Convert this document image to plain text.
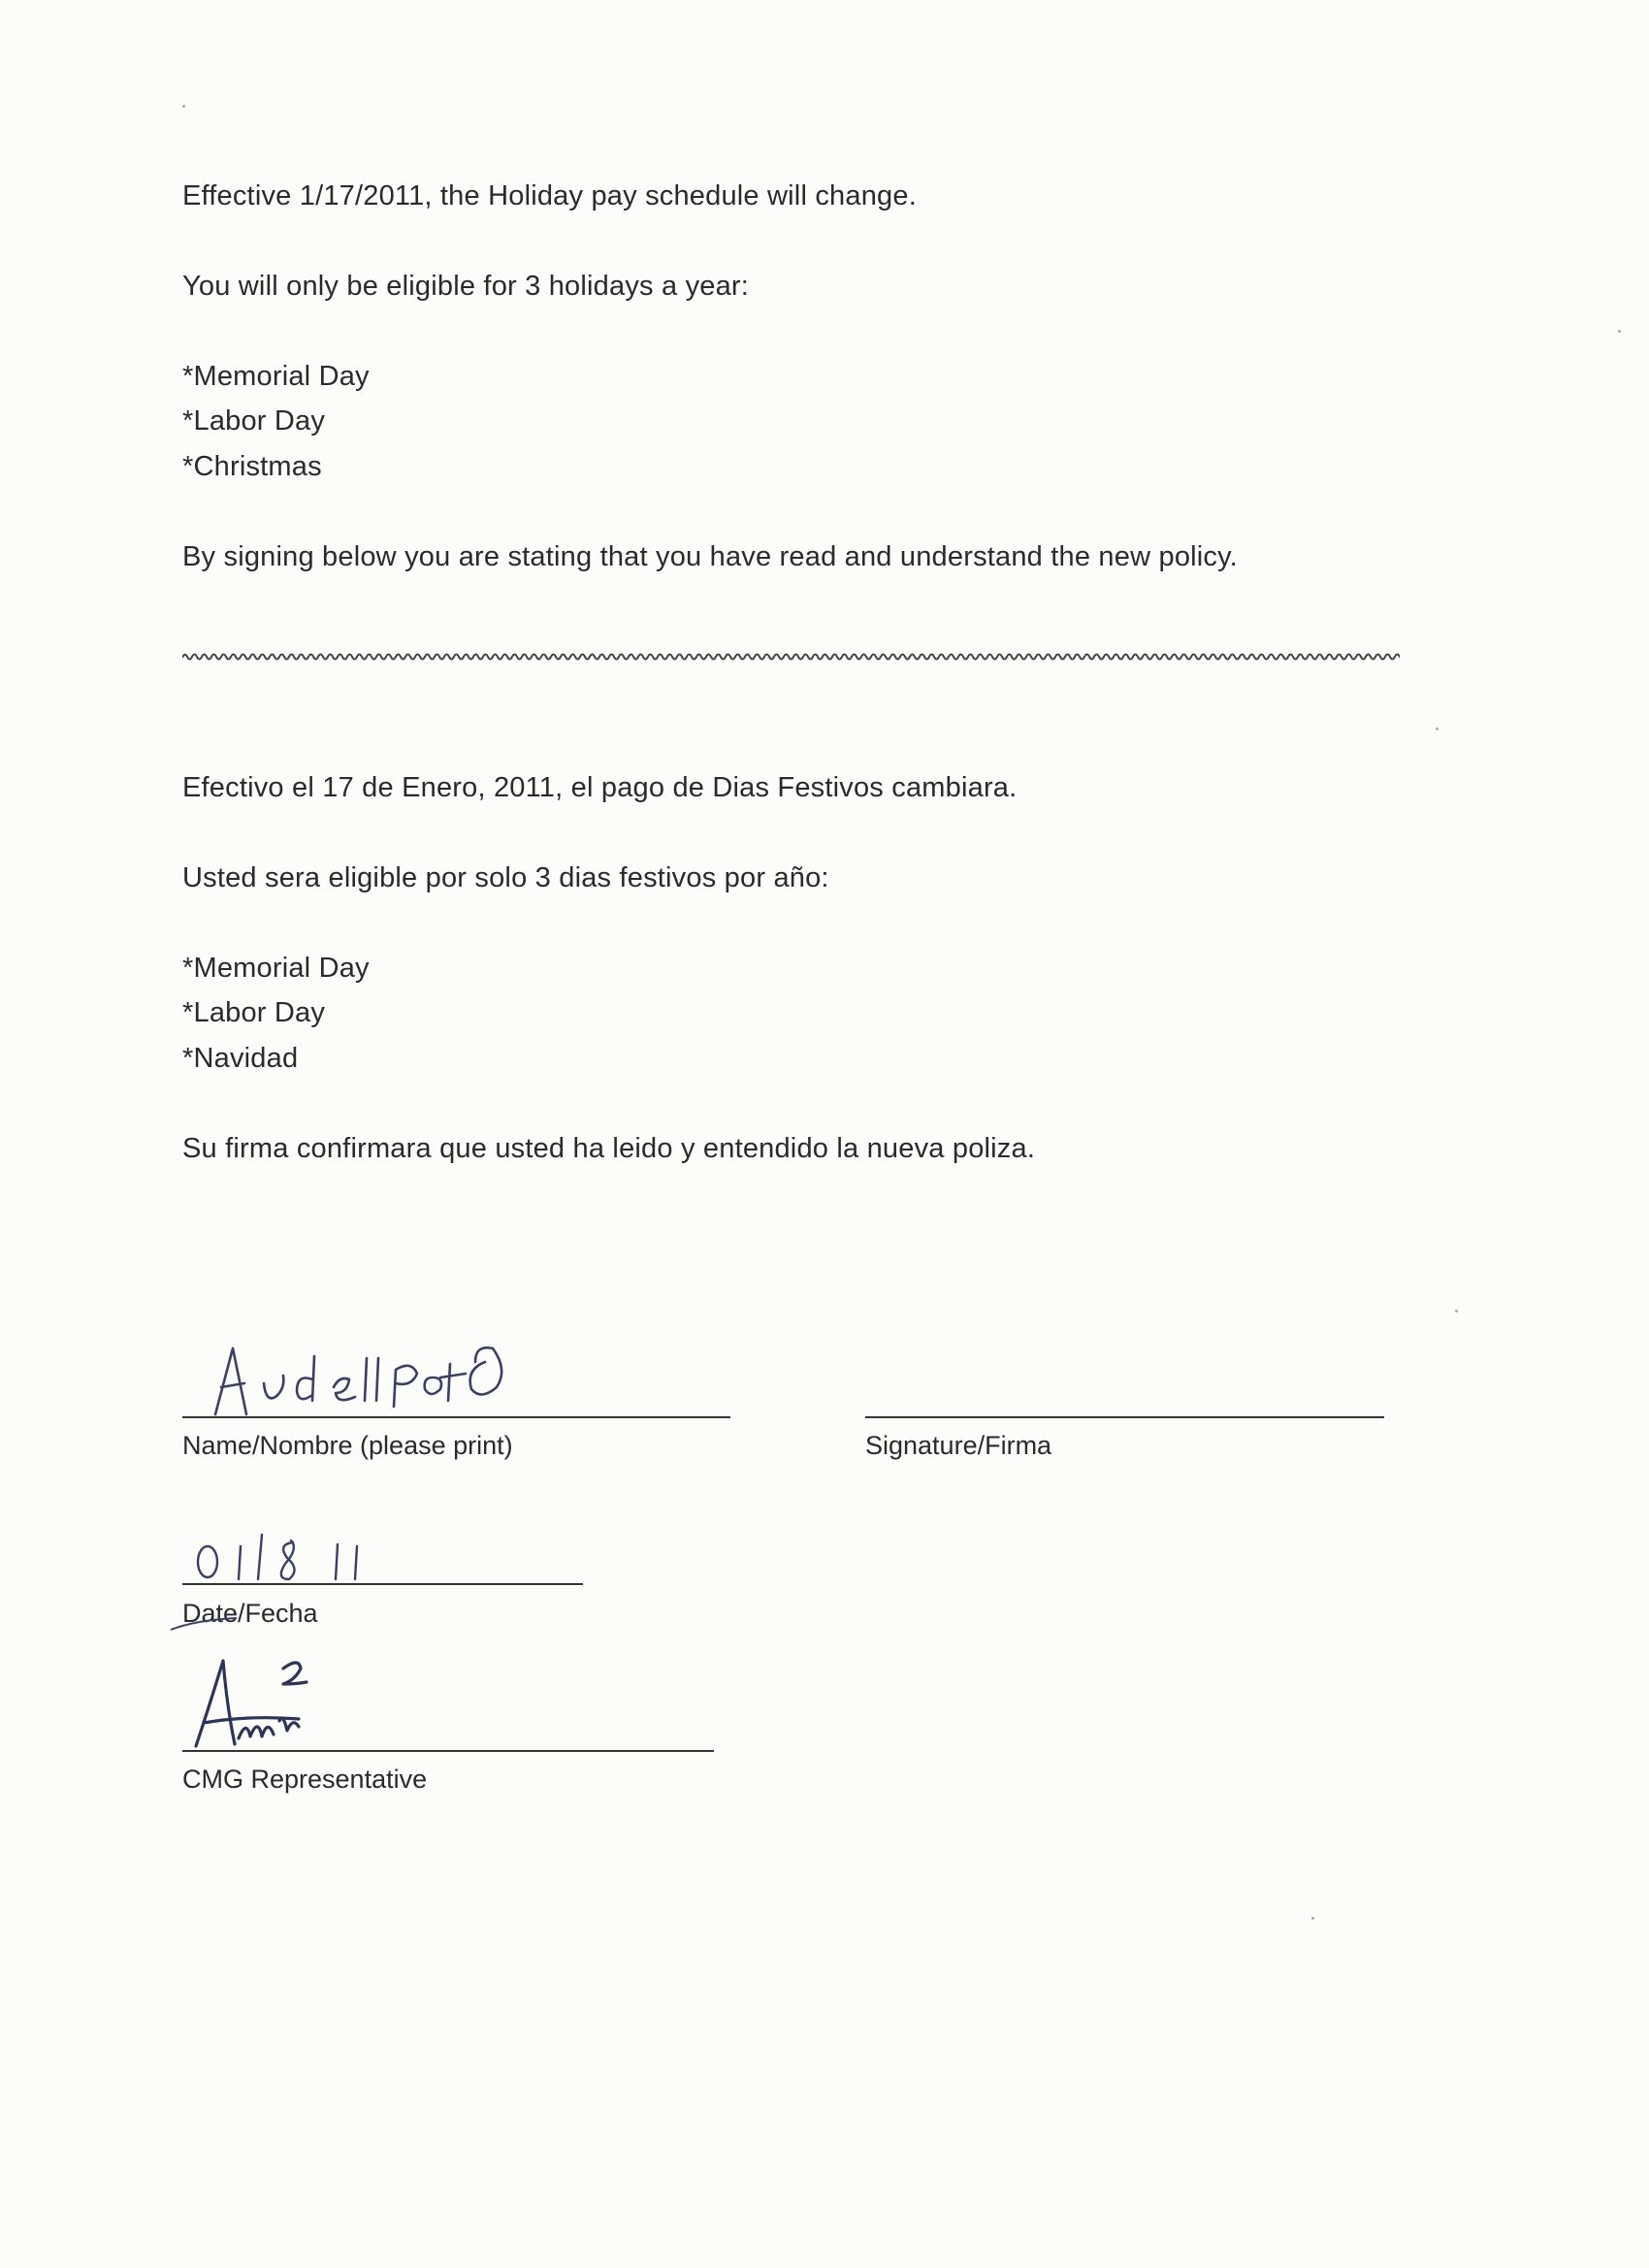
Effective 1/17/2011, the Holiday pay schedule will change.
You will only be eligible for 3 holidays a year:
*Memorial Day
*Labor Day
*Christmas
By signing below you are stating that you have read and understand the new policy.
Efectivo el 17 de Enero, 2011, el pago de Dias Festivos cambiara.
Usted sera eligible por solo 3 dias festivos por año:
*Memorial Day
*Labor Day
*Navidad
Su firma confirmara que usted ha leido y entendido la nueva poliza.
Name/Nombre (please print)	Signature/Firma
Date/Fecha
CMG Representative
